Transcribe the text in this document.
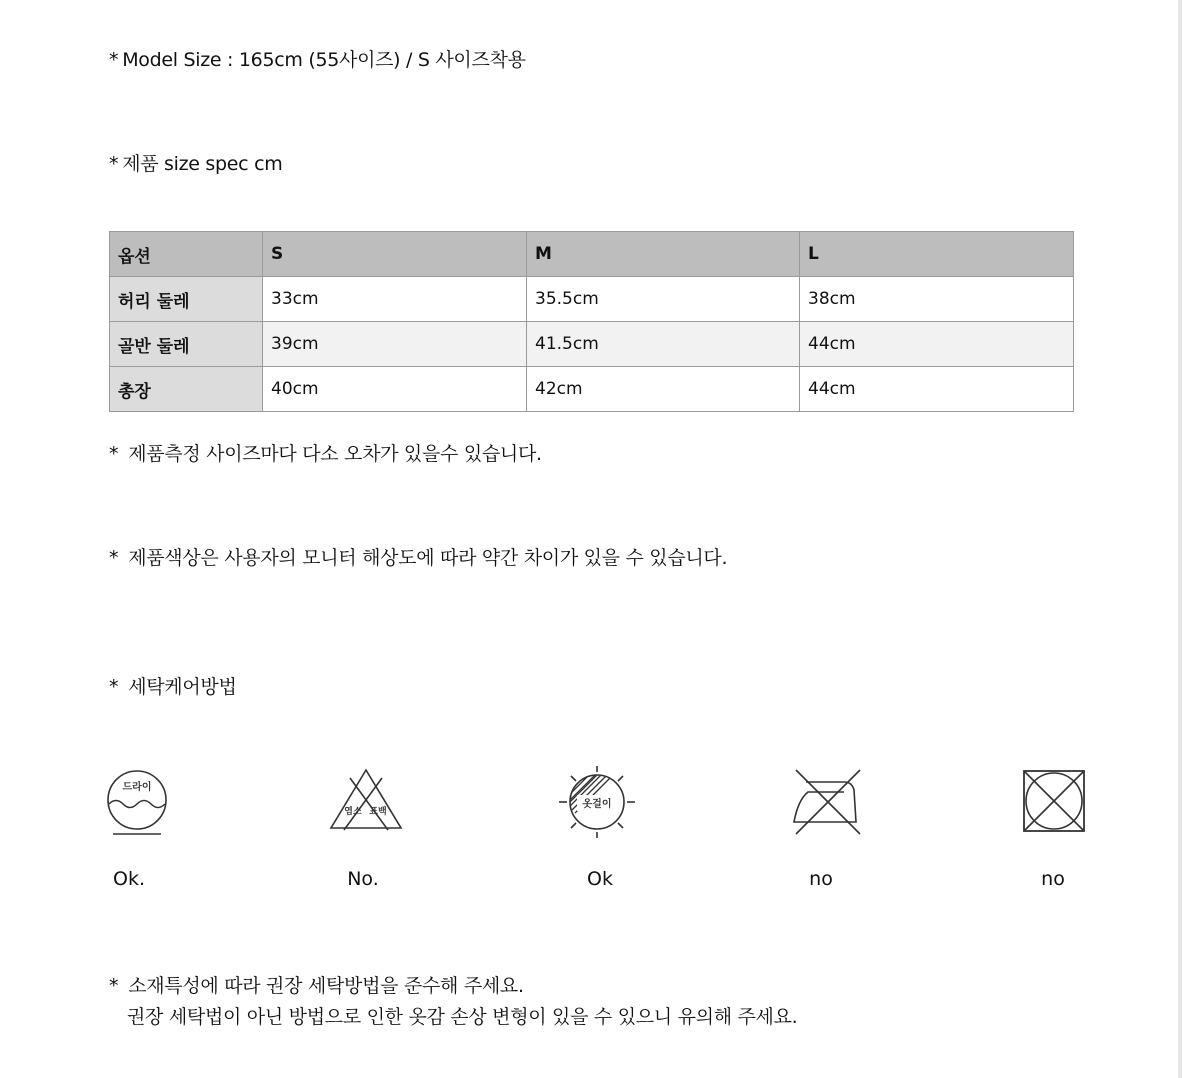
* Model Size : 165cm (55사이즈) / S 사이즈착용
* 제품 size spec cm
옵션	S	M	L
허리 둘레	33cm	35.5cm	38cm
골반 둘레	39cm	41.5cm	44cm
총장	40cm	42cm	44cm
* 제품측정 사이즈마다 다소 오차가 있을수 있습니다.
* 제품색상은 사용자의 모니터 해상도에 따라 약간 차이가 있을 수 있습니다.
* 세탁케어방법
드라이
Ok.
염소 표백
No.
옷걸이
Ok	no	no
* 소재특성에 따라 권장 세탁방법을 준수해 주세요.
권장 세탁법이 아닌 방법으로 인한 옷감 손상 변형이 있을 수 있으니 유의해 주세요.
